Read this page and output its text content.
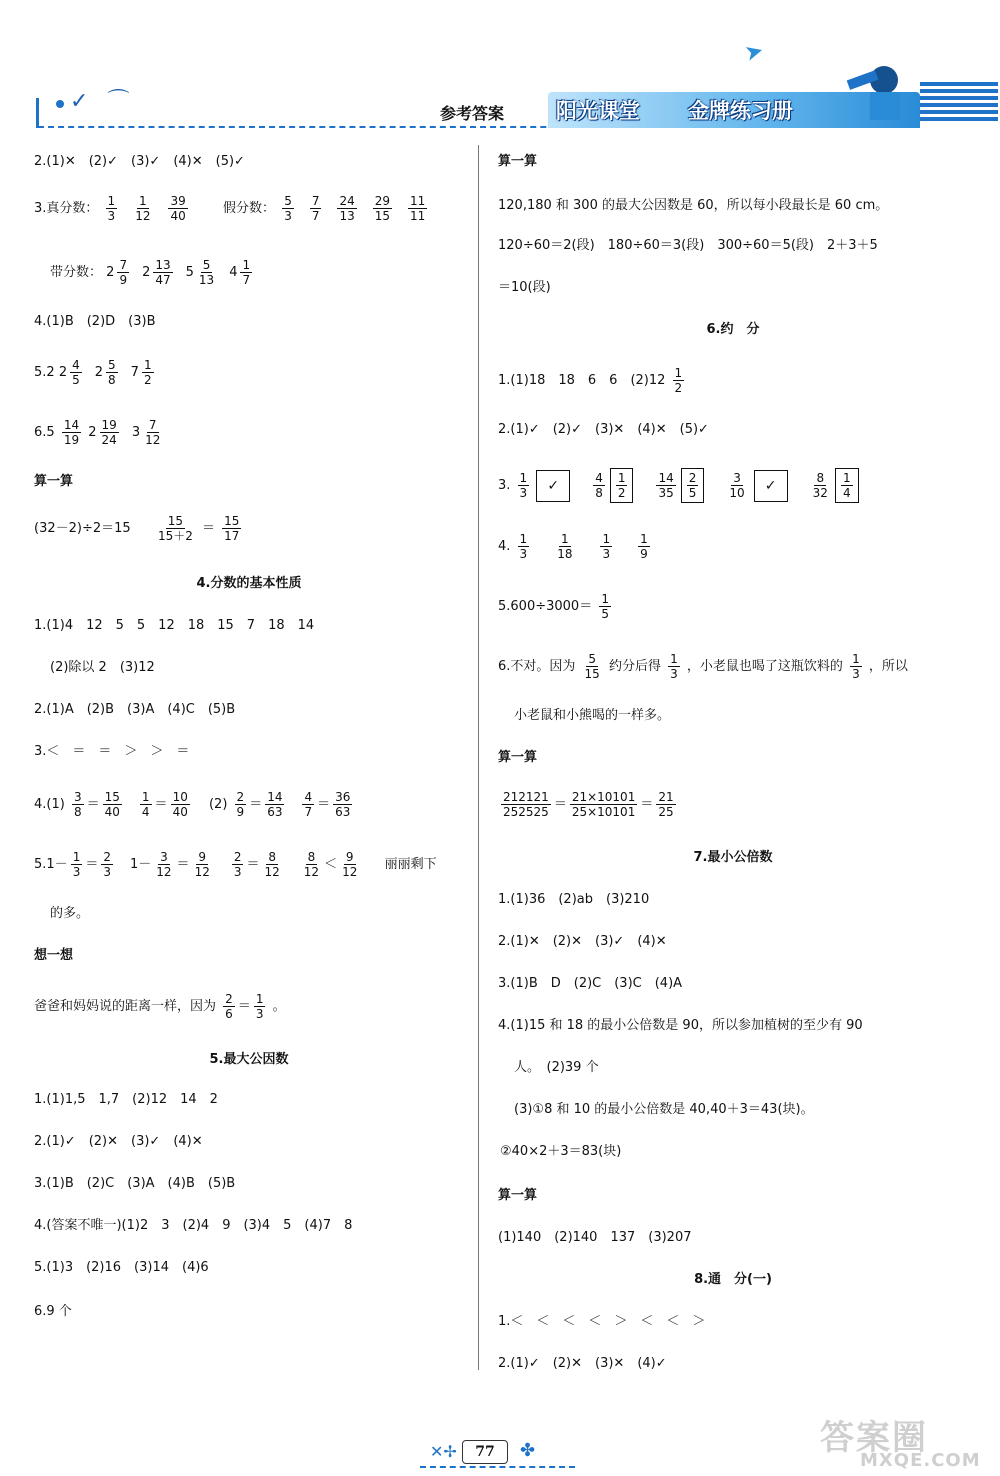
✓ ⌒
➤
参考答案 阳光课堂 金牌练习册
2.(1)✕　(2)✓　(3)✓　(4)✕　(5)✓
3.真分数： $\frac{1}{3} \frac{1}{12} \frac{39}{40}$	假分数： $\frac{5}{3} \frac{7}{7} \frac{24}{13} \frac{29}{15} \frac{11}{11}$
带分数： $2 \frac{7}{9} 2 \frac{13}{47} 5 \frac{5}{13} 4 \frac{1}{7}$
4.(1)B　(2)D　(3)B
5.2 $2 \frac{4}{5} 2 \frac{5}{8} 7 \frac{1}{2}$
$6.5 \frac{14}{19} 2 \frac{19}{24} 3 \frac{7}{12}$
算一算
$(32-2)\div 2=15 \frac{15}{15+2} = \frac{15}{17}$
4.分数的基本性质
1.(1)4　12　5　5　12　18　15　7　18　14
(2)除以 2　(3)12
2.(1)A　(2)B　(3)A　(4)C　(5)B
3.＜　＝　＝　＞　＞　＝
$4.(1) \frac{3}{8} = \frac{15}{40} \frac{1}{4} = \frac{10}{40} (2) \frac{2}{9} = \frac{14}{63} \frac{4}{7} = \frac{36}{63}$
$5.1- \frac{1}{3} = \frac{2}{3} 1- \frac{3}{12} = \frac{9}{12} \frac{2}{3} = \frac{8}{12} \frac{8}{12} < \frac{9}{12}$ 丽丽剩下
的多。
想一想
爸爸和妈妈说的距离一样，因为 $\frac{2}{6} = \frac{1}{3}$ 。
5.最大公因数
1.(1)1,5　1,7　(2)12　14　2
2.(1)✓　(2)✕　(3)✓　(4)✕
3.(1)B　(2)C　(3)A　(4)B　(5)B
4.(答案不唯一)(1)2　3　(2)4　9　(3)4　5　(4)7　8
5.(1)3　(2)16　(3)14　(4)6
6.9 个
算一算
120,180 和 300 的最大公因数是 60，所以每小段最长是 60 cm。
120÷60＝2(段)　180÷60＝3(段)　300÷60＝5(段)　2＋3＋5
＝10(段)
6.约　分
1.(1)18　18　6　6　$(2)12 \frac{1}{2}$
2.(1)✓　(2)✓　(3)✕　(4)✕　(5)✓
3. $\frac{1}{3}$ ✓	$\frac{4}{8} \frac{1}{2} \frac{14}{35} \frac{2}{5} \frac{3}{10}$ ✓	$\frac{8}{32} \frac{1}{4}$
4. $\frac{1}{3} \frac{1}{18} \frac{1}{3} \frac{1}{9}$
$5.600\div 3000= \frac{1}{5}$
6.不对。因为 $\frac{5}{15}$ 约分后得 $\frac{1}{3}$ ，小老鼠也喝了这瓶饮料的 $\frac{1}{3}$ ，所以
小老鼠和小熊喝的一样多。
算一算
$\frac{212121}{252525} = \frac{21\times 10101}{25\times 10101} = \frac{21}{25}$
7.最小公倍数
1.(1)36　(2)ab　(3)210
2.(1)✕　(2)✕　(3)✓　(4)✕
3.(1)B　D　(2)C　(3)C　(4)A
4.(1)15 和 18 的最小公倍数是 90，所以参加植树的至少有 90
人。　(2)39 个
(3)①8 和 10 的最小公倍数是 40,40＋3＝43(块)。
②40×2＋3＝83(块)
算一算
(1)140　(2)140　137　(3)207
8.通　分(一)
1.＜　＜　＜　＜　＞　＜　＜　＞
2.(1)✓　(2)✕　(3)✕　(4)✓
✕✢	✤
77	答案圈
MXQE.COM
